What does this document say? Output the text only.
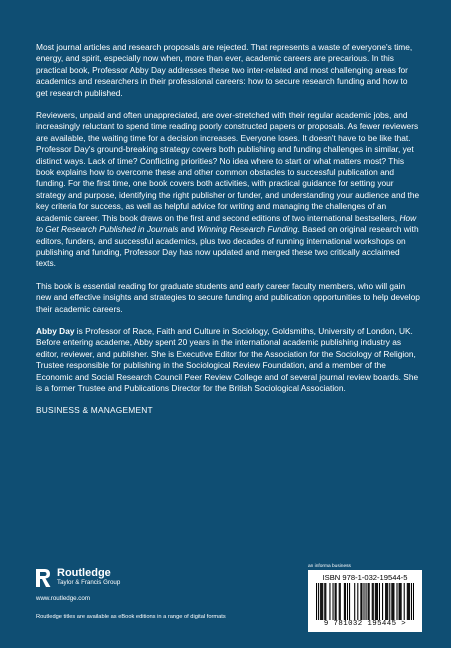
Most journal articles and research proposals are rejected. That represents a waste of everyone's time, energy, and spirit, especially now when, more than ever, academic careers are precarious. In this practical book, Professor Abby Day addresses these two inter-related and most challenging areas for academics and researchers in their professional careers: how to secure research funding and how to get research published.

Reviewers, unpaid and often unappreciated, are over-stretched with their regular academic jobs, and increasingly reluctant to spend time reading poorly constructed papers or proposals. As fewer reviewers are available, the waiting time for a decision increases. Everyone loses. It doesn't have to be like that. Professor Day's ground-breaking strategy covers both publishing and funding challenges in similar, yet distinct ways. Lack of time? Conflicting priorities? No idea where to start or what matters most? This book explains how to overcome these and other common obstacles to successful publication and funding. For the first time, one book covers both activities, with practical guidance for setting your strategy and purpose, identifying the right publisher or funder, and understanding your audience and the key criteria for success, as well as helpful advice for writing and managing the challenges of an academic career. This book draws on the first and second editions of two international bestsellers, How to Get Research Published in Journals and Winning Research Funding. Based on original research with editors, funders, and successful academics, plus two decades of running international workshops on publishing and funding, Professor Day has now updated and merged these two critically acclaimed texts.

This book is essential reading for graduate students and early career faculty members, who will gain new and effective insights and strategies to secure funding and publication opportunities to help develop their academic careers.

Abby Day is Professor of Race, Faith and Culture in Sociology, Goldsmiths, University of London, UK. Before entering academe, Abby spent 20 years in the international academic publishing industry as editor, reviewer, and publisher. She is Executive Editor for the Association for the Sociology of Religion, Trustee responsible for publishing in the Sociological Review Foundation, and a member of the Economic and Social Research Council Peer Review College and of several journal review boards. She is a former Trustee and Publications Director for the British Sociological Association.

BUSINESS & MANAGEMENT
Routledge
Taylor & Francis Group
www.routledge.com
Routledge titles are available as eBook editions in a range of digital formats
an informa business
ISBN 978-1-032-19544-5
9 781032 195445 >
